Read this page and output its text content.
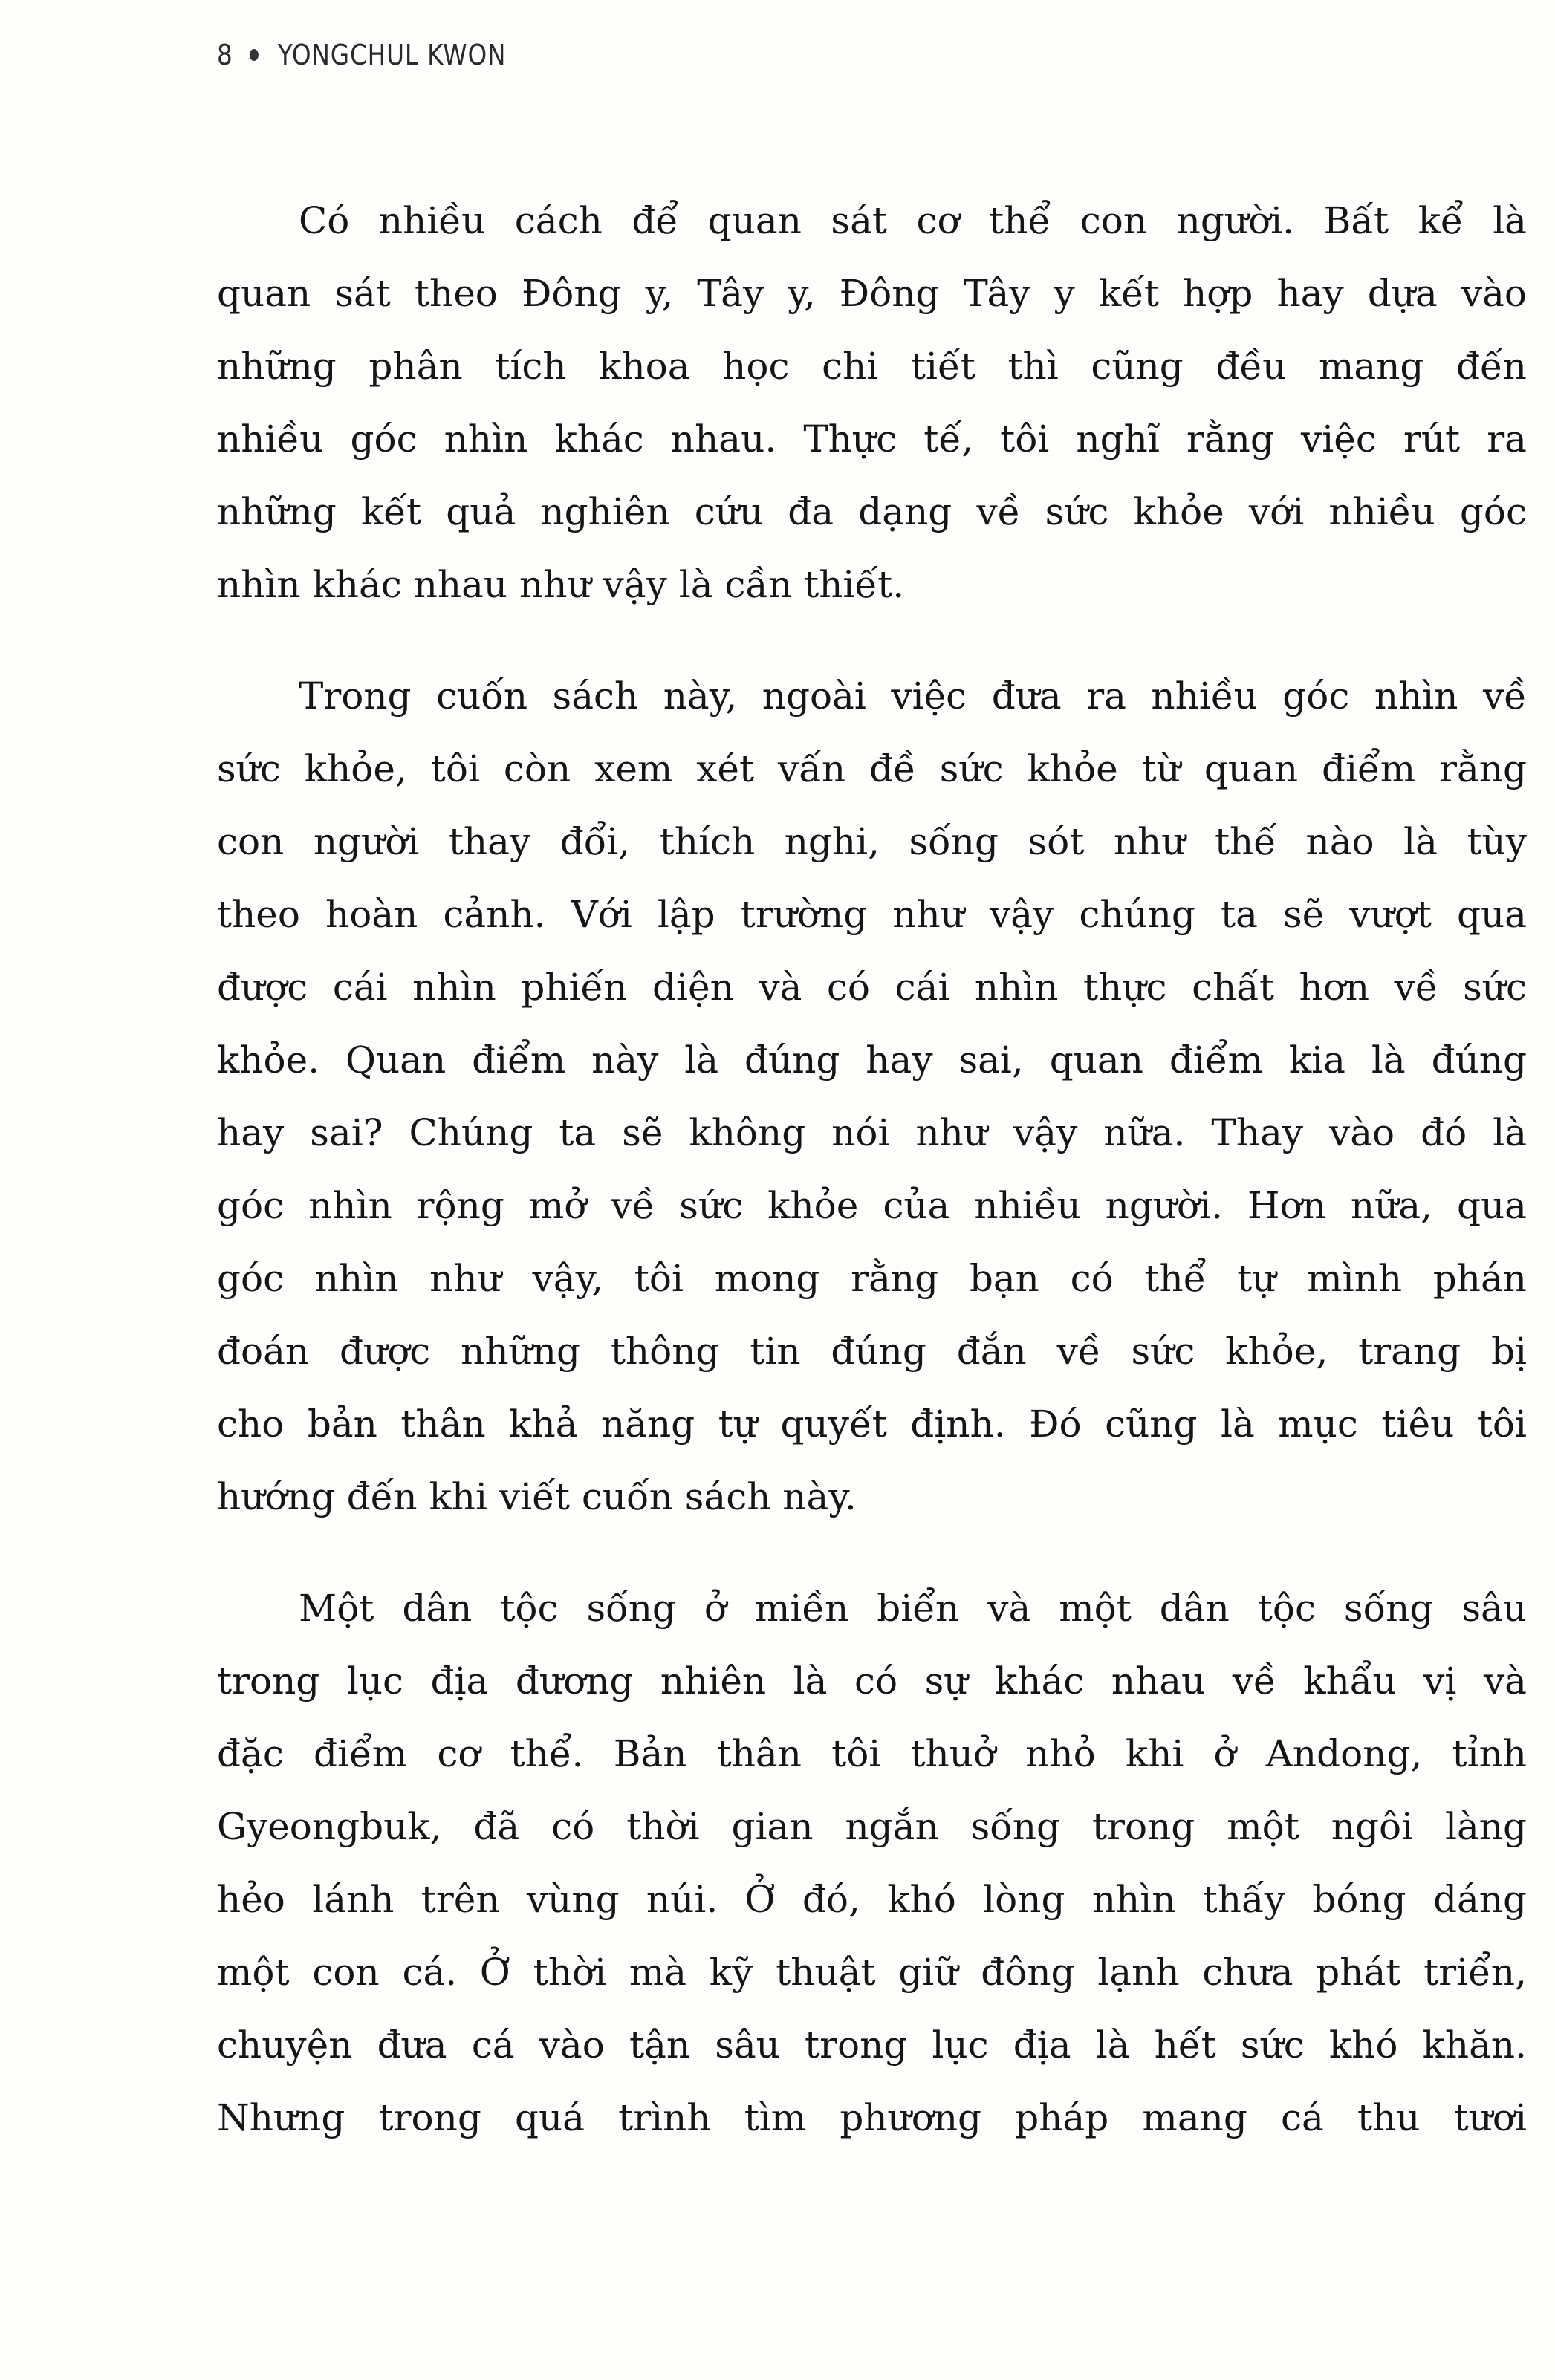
8 YONGCHUL KWON
Có nhiều cách để quan sát cơ thể con người. Bất kể là
quan sát theo Đông y, Tây y, Đông Tây y kết hợp hay dựa vào
những phân tích khoa học chi tiết thì cũng đều mang đến
nhiều góc nhìn khác nhau. Thực tế, tôi nghĩ rằng việc rút ra
những kết quả nghiên cứu đa dạng về sức khỏe với nhiều góc
nhìn khác nhau như vậy là cần thiết.
Trong cuốn sách này, ngoài việc đưa ra nhiều góc nhìn về
sức khỏe, tôi còn xem xét vấn đề sức khỏe từ quan điểm rằng
con người thay đổi, thích nghi, sống sót như thế nào là tùy
theo hoàn cảnh. Với lập trường như vậy chúng ta sẽ vượt qua
được cái nhìn phiến diện và có cái nhìn thực chất hơn về sức
khỏe. Quan điểm này là đúng hay sai, quan điểm kia là đúng
hay sai? Chúng ta sẽ không nói như vậy nữa. Thay vào đó là
góc nhìn rộng mở về sức khỏe của nhiều người. Hơn nữa, qua
góc nhìn như vậy, tôi mong rằng bạn có thể tự mình phán
đoán được những thông tin đúng đắn về sức khỏe, trang bị
cho bản thân khả năng tự quyết định. Đó cũng là mục tiêu tôi
hướng đến khi viết cuốn sách này.
Một dân tộc sống ở miền biển và một dân tộc sống sâu
trong lục địa đương nhiên là có sự khác nhau về khẩu vị và
đặc điểm cơ thể. Bản thân tôi thuở nhỏ khi ở Andong, tỉnh
Gyeongbuk, đã có thời gian ngắn sống trong một ngôi làng
hẻo lánh trên vùng núi. Ở đó, khó lòng nhìn thấy bóng dáng
một con cá. Ở thời mà kỹ thuật giữ đông lạnh chưa phát triển,
chuyện đưa cá vào tận sâu trong lục địa là hết sức khó khăn.
Nhưng trong quá trình tìm phương pháp mang cá thu tươi
